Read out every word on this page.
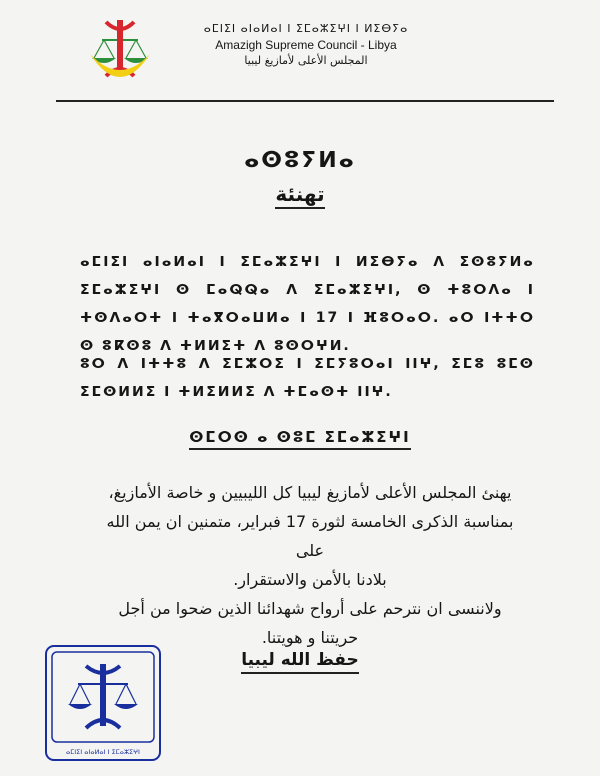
ⴰⵎⵏⵉⵏ ⴰⵏⴰⵍⴰⵏ ⵏ ⵉⵎⴰⵣⵉⵖⵏ ⵏ ⵍⵉⴱⵢⴰ
Amazigh Supreme Council - Libya
المجلس الأعلى لأمازيغ ليبيا
ⴰⵙⵓⵢⵍⴰ
تهنئة
ⴰⵎⵏⵉⵏ ⴰⵏⴰⵍⴰⵏ ⵏ ⵉⵎⴰⵣⵉⵖⵏ ⵏ ⵍⵉⴱⵢⴰ ⴷ ⵉⵙⵓⵢⵍⴰ ⵉⵎⴰⵣⵉⵖⵏ ⵙ ⵎⴰⵕⵕⴰ ⴷ ⵉⵎⴰⵣⵉⵖⵏ, ⵙ ⵜⵓⵔⴷⴰ ⵏ ⵜⵙⴷⴰⵔⵜ ⵏ ⵜⴰⴳⵔⴰⵡⵍⴰ ⵏ 17 ⵏ ⴼⵓⵔⴰⵔ. ⴰⵔ ⵏⵜⵜⵔ ⵙ ⵓⴽⵙⵓ ⴷ ⵜⵍⵍⵉⵜ ⴷ ⵓⵙⵔⵖⵍ.
ⵓⵔ ⴷ ⵏⵜⵜⵓ ⴷ ⵉⵎⵣⵔⵉ ⵏ ⵉⵎⵢⵓⵔⴰⵏ ⵏⵏⵖ, ⵉⵎⵓ ⵓⵎⵙ ⵉⵎⵙⵍⵍⵉ ⵏ ⵜⵍⵉⵍⵍⵉ ⴷ ⵜⵎⴰⵙⵜ ⵏⵏⵖ.
ⵙⵎⵔⵙ ⴰ ⵙⵓⵎ ⵉⵎⴰⵣⵉⵖⵏ
يهنئ المجلس الأعلى لأمازيغ ليبيا كل الليبيين و خاصة الأمازيغ،
بمناسبة الذكرى الخامسة لثورة 17 فبراير، متمنين ان يمن الله على
بلادنا بالأمن والاستقرار.
ولاننسى ان نترحم على أرواح شهدائنا الذين ضحوا من أجل
حريتنا و هويتنا.
حفظ الله ليبيا
ⴰⵎⵏⵉⵏ ⴰⵏⴰⵍⴰⵏ ⵏ ⵉⵎⴰⵣⵉⵖⵏ
